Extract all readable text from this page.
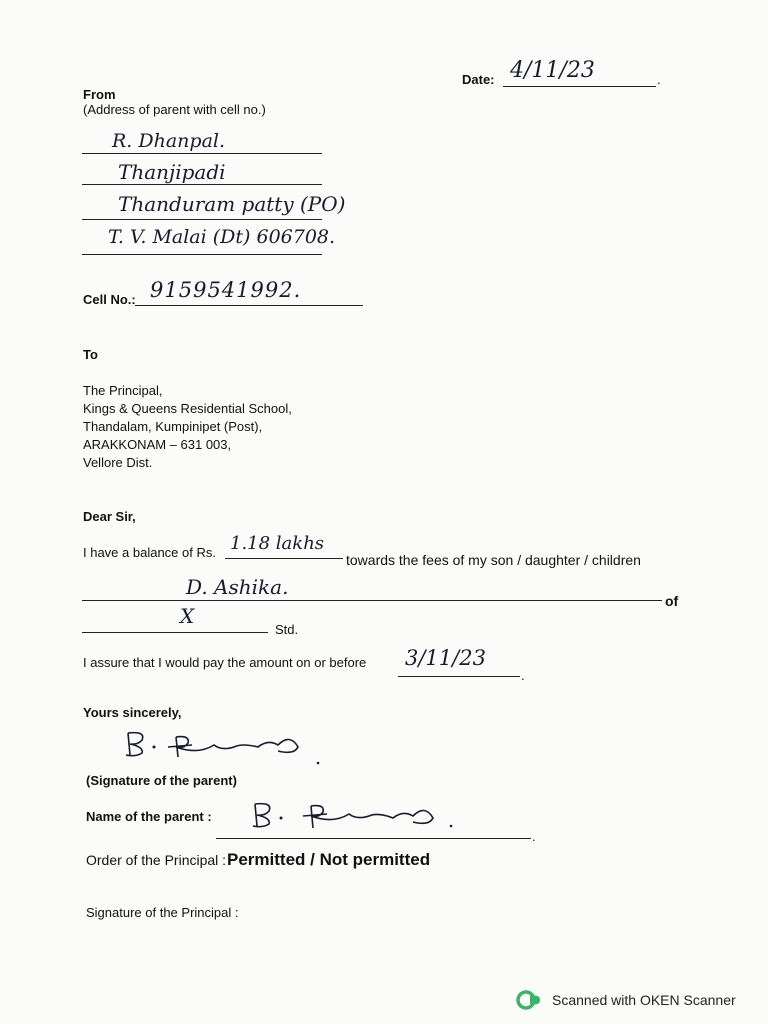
Date: 4/11/23	.
From
(Address of parent with cell no.)
R. Dhanpal.
Thanjipadi
Thanduram patty (PO)
T. V. Malai (Dt) 606708.
Cell No.: 9159541992.
To
The Principal,
Kings & Queens Residential School,
Thandalam, Kumpinipet (Post),
ARAKKONAM – 631 003,
Vellore Dist.
Dear Sir,
I have a balance of Rs. 1.18 lakhs
towards the fees of my son / daughter / children
D. Ashika.
of
X
Std.
I assure that I would pay the amount on or before 3/11/23
.
Yours sincerely,
(Signature of the parent)
Name of the parent :
.
Order of the Principal : Permitted / Not permitted
Signature of the Principal :
Scanned with OKEN Scanner
